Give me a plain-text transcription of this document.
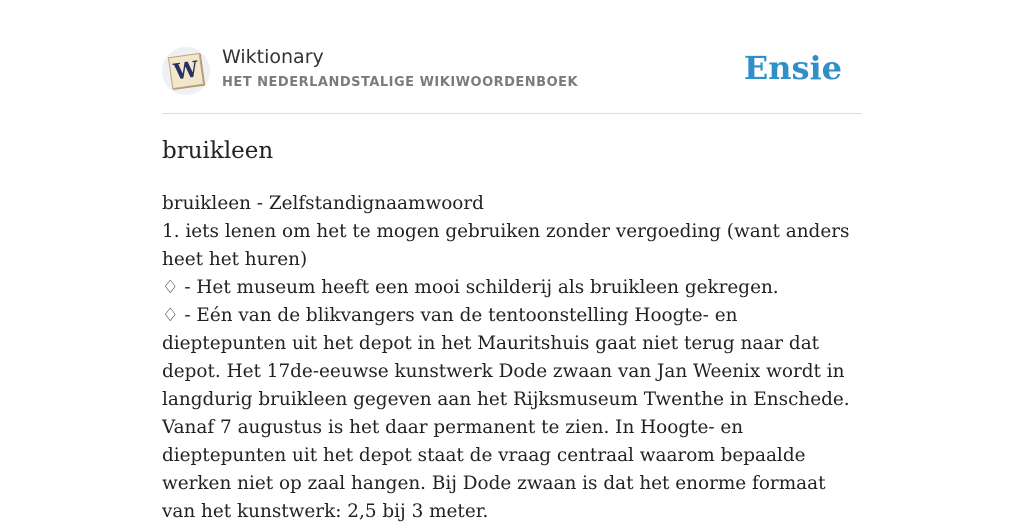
W Wiktionary
HET NEDERLANDSTALIGE WIKIWOORDENBOEK	Ensie
bruikleen

bruikleen - Zelfstandignaamwoord

1. iets lenen om het te mogen gebruiken zonder vergoeding (want anders heet het huren)

♢ - Het museum heeft een mooi schilderij als bruikleen gekregen.

♢ - Eén van de blikvangers van de tentoonstelling Hoogte- en dieptepunten uit het depot in het Mauritshuis gaat niet terug naar dat depot. Het 17de-eeuwse kunstwerk Dode zwaan van Jan Weenix wordt in langdurig bruikleen gegeven aan het Rijksmuseum Twenthe in Enschede. Vanaf 7 augustus is het daar permanent te zien. In Hoogte- en dieptepunten uit het depot staat de vraag centraal waarom bepaalde werken niet op zaal hangen. Bij Dode zwaan is dat het enorme formaat van het kunstwerk: 2,5 bij 3 meter.
